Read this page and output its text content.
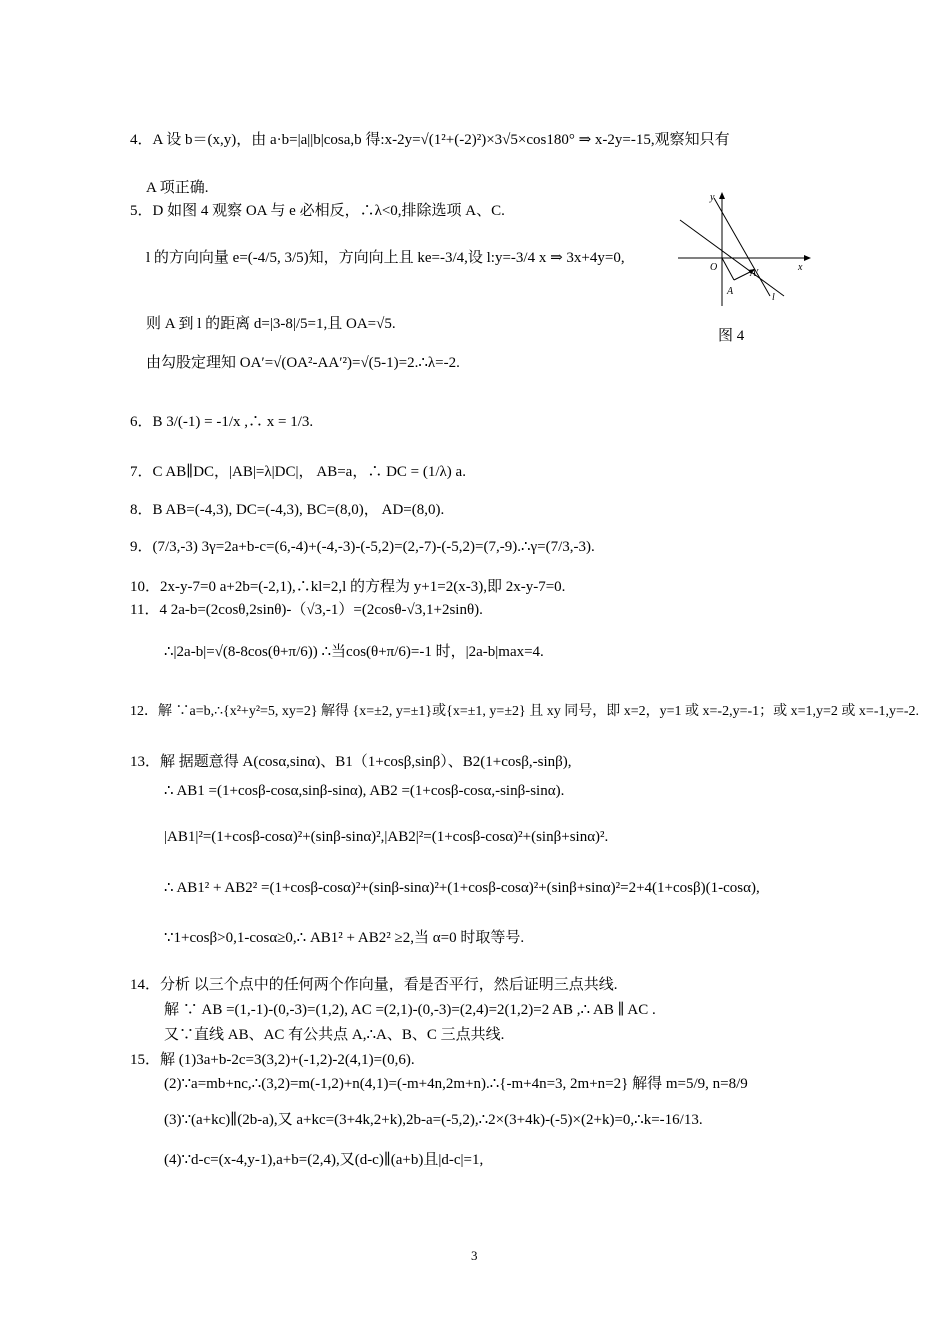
4．A 设 b＝(x,y)，由 a·b=|a||b|cosa,b 得:x-2y=√(1²+(-2)²)×3√5×cos180° ⇒ x-2y=-15,观察知只有
A 项正确.
5．D 如图 4 观察 OA 与 e 必相反，∴λ<0,排除选项 A、C.
l 的方向向量 e=(-4/5, 3/5)知，方向向上且 ke=-3/4,设 l:y=-3/4 x ⇒ 3x+4y=0,
则 A 到 l 的距离 d=|3-8|/5=1,且 OA=√5.
由勾股定理知 OA′=√(OA²-AA′²)=√(5-1)=2.∴λ=-2.
6．B 3/(-1) = -1/x ,∴ x = 1/3.
7．C AB∥DC，|AB|=λ|DC|， AB=a，∴ DC = (1/λ) a.
8．B AB=(-4,3), DC=(-4,3), BC=(8,0)， AD=(8,0).
9．(7/3,-3) 3γ=2a+b-c=(6,-4)+(-4,-3)-(-5,2)=(2,-7)-(-5,2)=(7,-9).∴γ=(7/3,-3).
10．2x-y-7=0 a+2b=(-2,1),∴kl=2,l 的方程为 y+1=2(x-3),即 2x-y-7=0.
11．4 2a-b=(2cosθ,2sinθ)-（√3,-1）=(2cosθ-√3,1+2sinθ).
∴|2a-b|=√(8-8cos(θ+π/6)) ∴当cos(θ+π/6)=-1 时，|2a-b|max=4.
12．解 ∵a=b,∴{x²+y²=5, xy=2} 解得 {x=±2, y=±1}或{x=±1, y=±2} 且 xy 同号，即 x=2，y=1 或 x=-2,y=-1；或 x=1,y=2 或 x=-1,y=-2.
13．解 据题意得 A(cosα,sinα)、B1（1+cosβ,sinβ）、B2(1+cosβ,-sinβ),
∴ AB1 =(1+cosβ-cosα,sinβ-sinα), AB2 =(1+cosβ-cosα,-sinβ-sinα).
|AB1|²=(1+cosβ-cosα)²+(sinβ-sinα)²,|AB2|²=(1+cosβ-cosα)²+(sinβ+sinα)².
∴ AB1² + AB2² =(1+cosβ-cosα)²+(sinβ-sinα)²+(1+cosβ-cosα)²+(sinβ+sinα)²=2+4(1+cosβ)(1-cosα),
∵1+cosβ>0,1-cosα≥0,∴ AB1² + AB2² ≥2,当 α=0 时取等号.
14．分析 以三个点中的任何两个作向量，看是否平行，然后证明三点共线.
解 ∵ AB =(1,-1)-(0,-3)=(1,2), AC =(2,1)-(0,-3)=(2,4)=2(1,2)=2 AB ,∴ AB ∥ AC .
又∵直线 AB、AC 有公共点 A,∴A、B、C 三点共线.
15．解 (1)3a+b-2c=3(3,2)+(-1,2)-2(4,1)=(0,6).
(2)∵a=mb+nc,∴(3,2)=m(-1,2)+n(4,1)=(-m+4n,2m+n).∴{-m+4n=3, 2m+n=2} 解得 m=5/9, n=8/9
(3)∵(a+kc)∥(2b-a),又 a+kc=(3+4k,2+k),2b-a=(-5,2),∴2×(3+4k)-(-5)×(2+k)=0,∴k=-16/13.
(4)∵d-c=(x-4,y-1),a+b=(2,4),又(d-c)∥(a+b)且|d-c|=1,
y
x
O
A
A′
l
图 4
3
